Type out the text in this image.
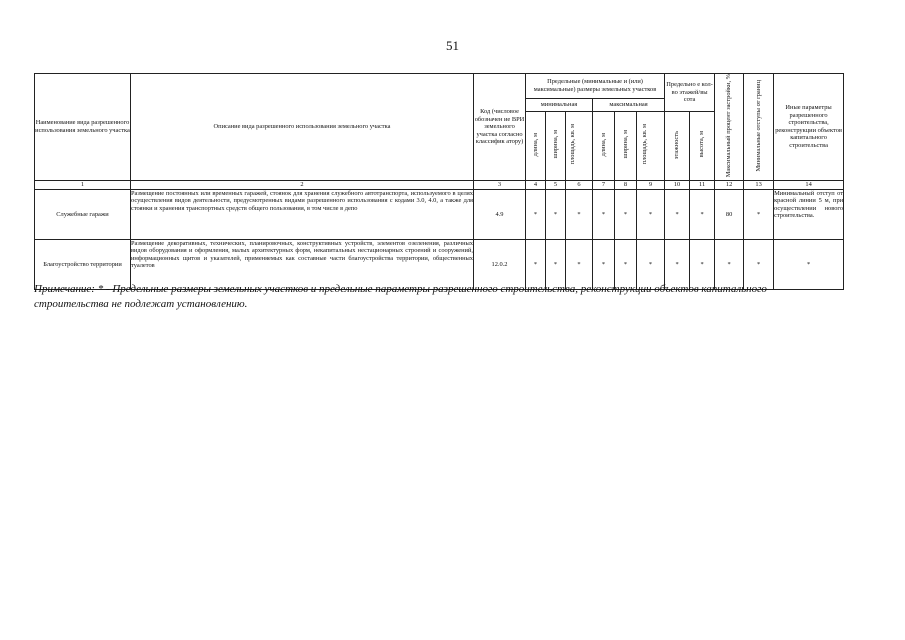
51
Наименование вида разрешенного использования земельного участка	Описание вида разрешенного использования земельного участка	Код (числовое обозначен ие ВРИ земельного участка согласно классифик атору)	Предельные (минимальные и (или) максимальные) размеры земельных участков						Предельно е кол-во этажей/вы сота		Максимальный процент застройки, %	Минимальные отступы от границ	Иные параметры разрешенного строительства, реконструкции объектов капитального строительства
			минимальная			максимальная							
			длина, м	ширина, м	площадь, кв. м	длина, м	ширина, м	площадь, кв. м	этажность	высота, м			
1	2	3	4	5	6	7	8	9	10	11	12	13	14
Служебные гаражи	Размещение постоянных или временных гаражей, стоянок для хранения служебного автотранспорта, используемого в целях осуществления видов деятельности, предусмотренных видами разрешенного использования с кодами 3.0, 4.0, а также для стоянки и хранения транспортных средств общего пользования, в том числе в депо	4.9	*	*	*	*	*	*	*	*	80	*	Минимальный отступ от красной линии 5 м, при осуществлении нового строительства.
Благоустройство территории	Размещение декоративных, технических, планировочных, конструктивных устройств, элементов озеленения, различных видов оборудования и оформления, малых архитектурных форм, некапитальных нестационарных строений и сооружений, информационных щитов и указателей, применяемых как составные части благоустройства территории, общественных туалетов	12.0.2	*	*	*	*	*	*	*	*	*	*	*
Примечание: * - Предельные размеры земельных участков и предельные параметры разрешенного строительства, реконструкции объектов капитального строительства не подлежат установлению.
